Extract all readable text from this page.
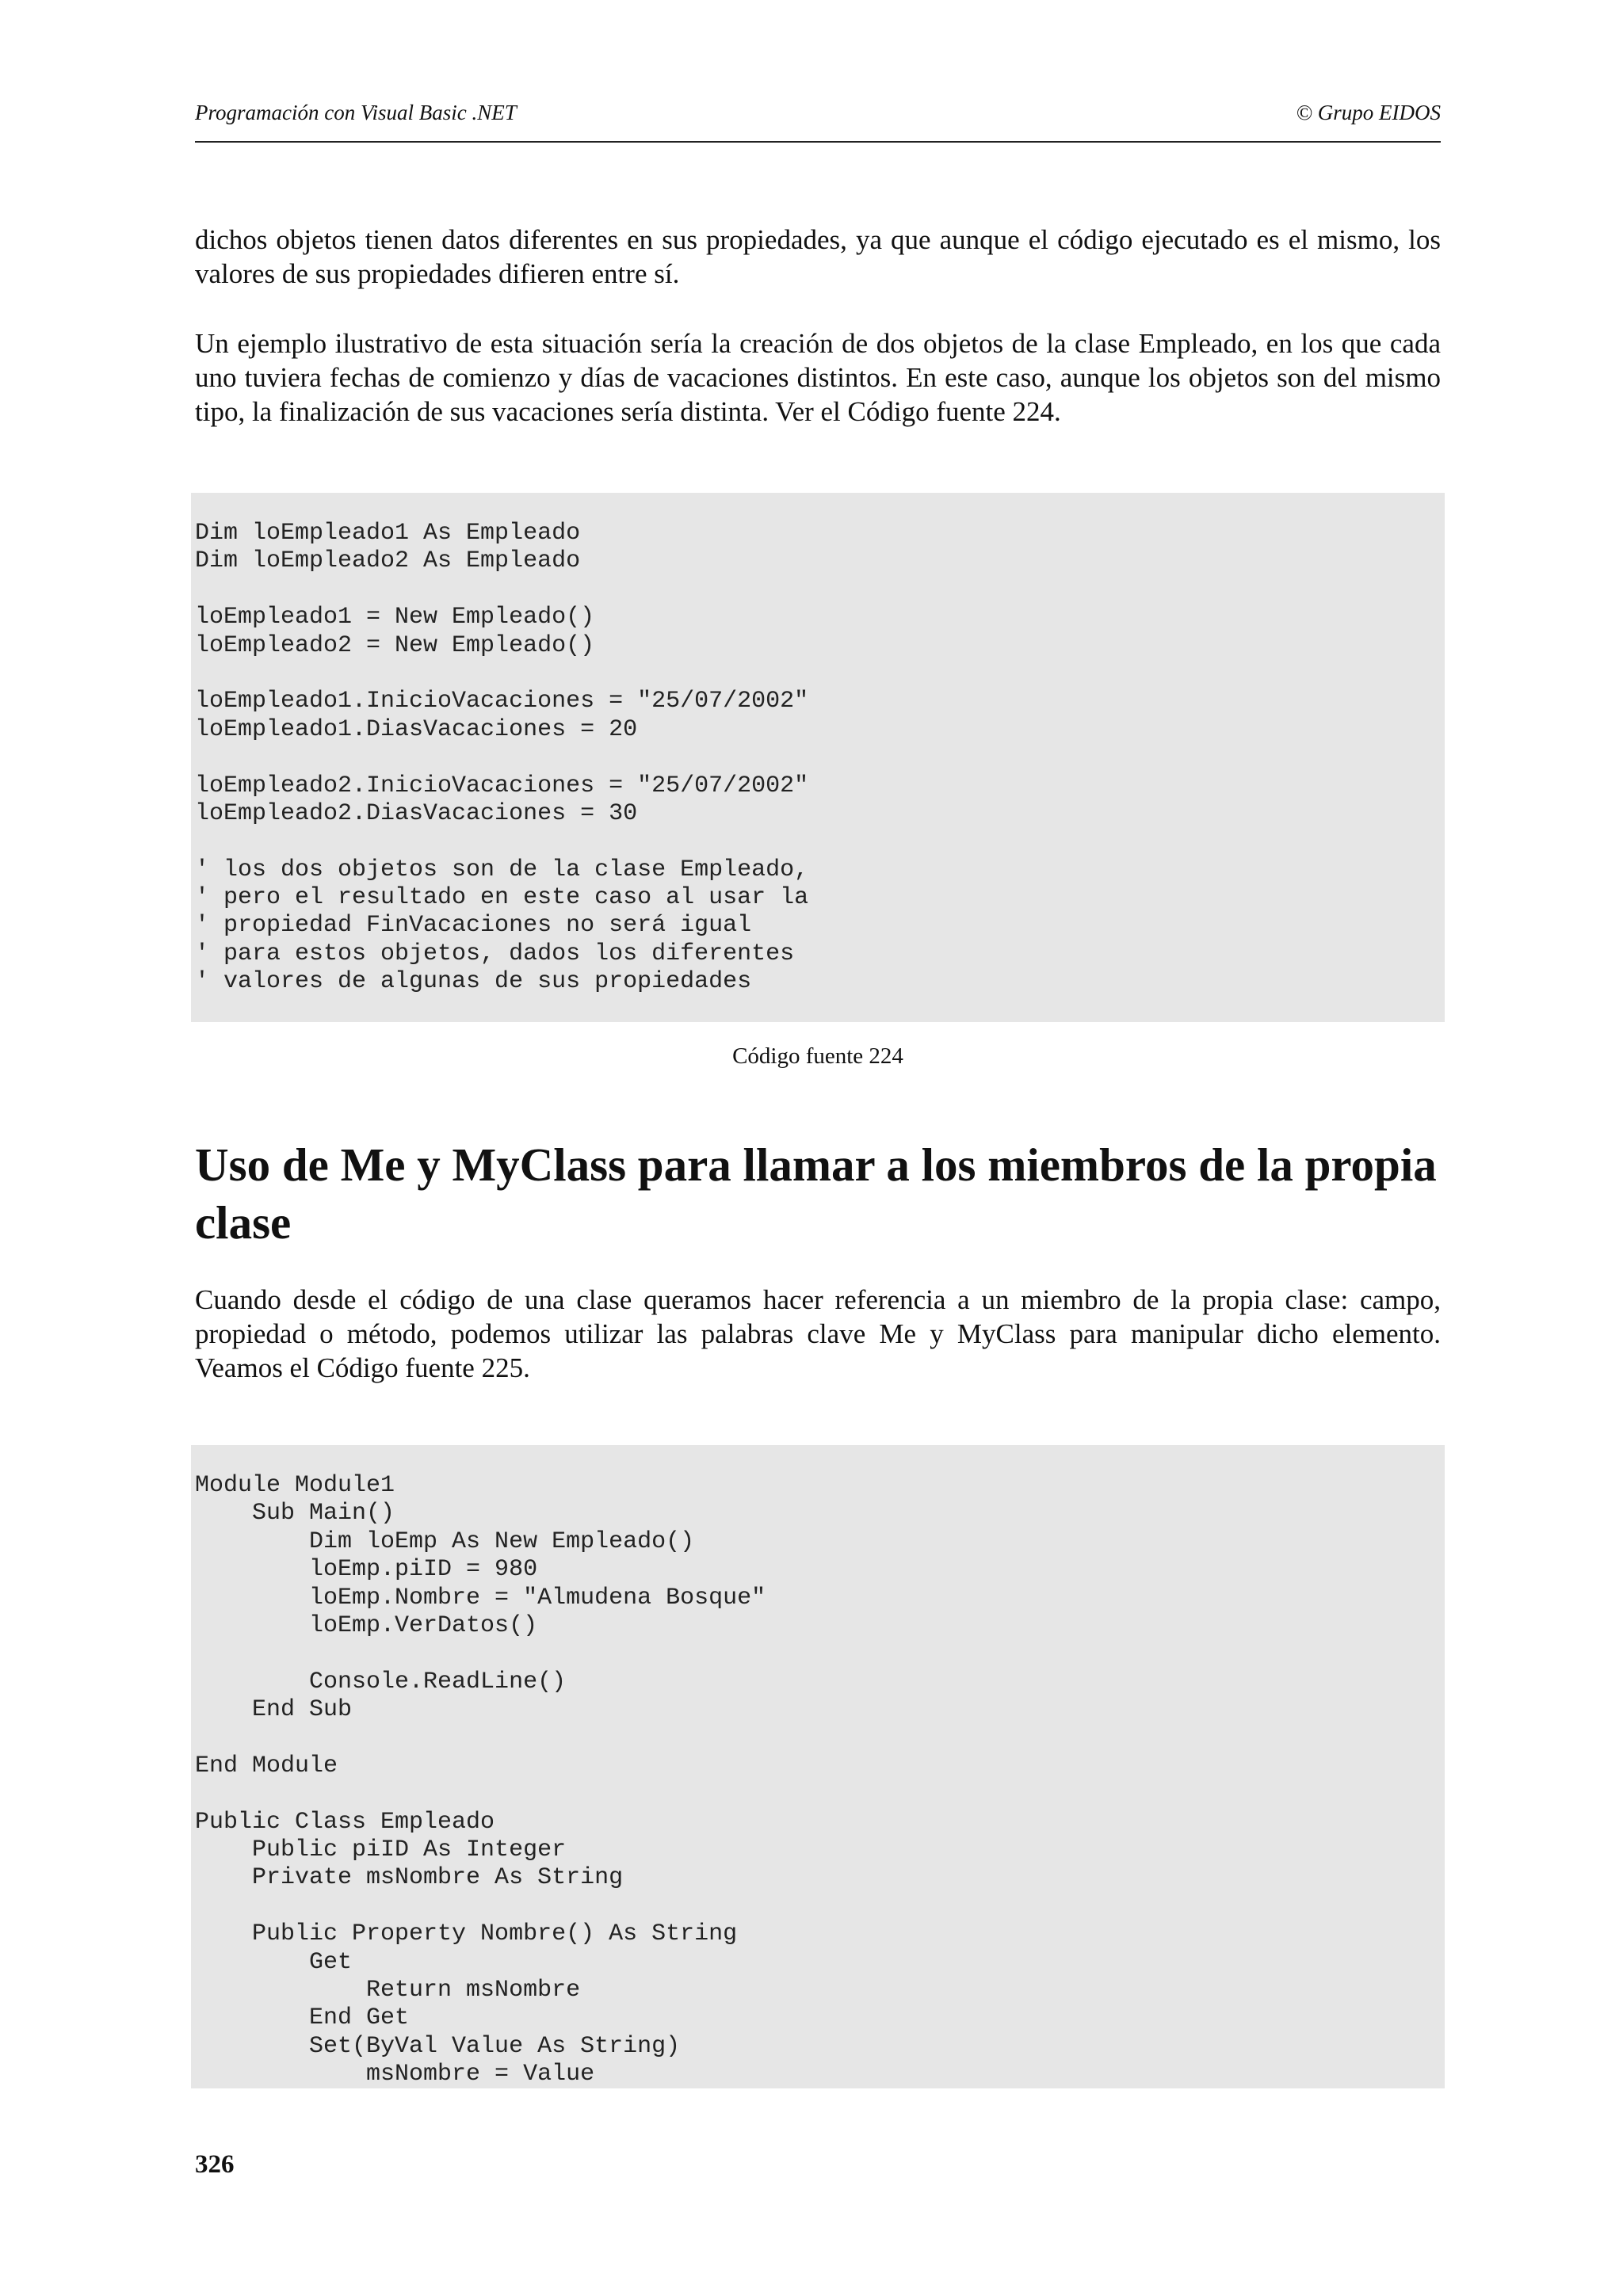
Programación con Visual Basic .NET	© Grupo EIDOS

dichos objetos tienen datos diferentes en sus propiedades, ya que aunque el código ejecutado es el mismo, los valores de sus propiedades difieren entre sí.

Un ejemplo ilustrativo de esta situación sería la creación de dos objetos de la clase Empleado, en los que cada uno tuviera fechas de comienzo y días de vacaciones distintos. En este caso, aunque los objetos son del mismo tipo, la finalización de sus vacaciones sería distinta. Ver el Código fuente 224.

Dim loEmpleado1 As Empleado
Dim loEmpleado2 As Empleado
loEmpleado1 = New Empleado()
loEmpleado2 = New Empleado()
loEmpleado1.InicioVacaciones = "25/07/2002"
loEmpleado1.DiasVacaciones = 20
loEmpleado2.InicioVacaciones = "25/07/2002"
loEmpleado2.DiasVacaciones = 30
' los dos objetos son de la clase Empleado,
' pero el resultado en este caso al usar la
' propiedad FinVacaciones no será igual
' para estos objetos, dados los diferentes
' valores de algunas de sus propiedades
Código fuente 224
Uso de Me y MyClass para llamar a los miembros de la propia clase

Cuando desde el código de una clase queramos hacer referencia a un miembro de la propia clase: campo, propiedad o método, podemos utilizar las palabras clave Me y MyClass para manipular dicho elemento. Veamos el Código fuente 225.

Module Module1
Sub Main()
Dim loEmp As New Empleado()
loEmp.piID = 980
loEmp.Nombre = "Almudena Bosque"
loEmp.VerDatos()
Console.ReadLine()
End Sub
End Module
Public Class Empleado
Public piID As Integer
Private msNombre As String
Public Property Nombre() As String
Get
Return msNombre
End Get
Set(ByVal Value As String)
msNombre = Value
326
